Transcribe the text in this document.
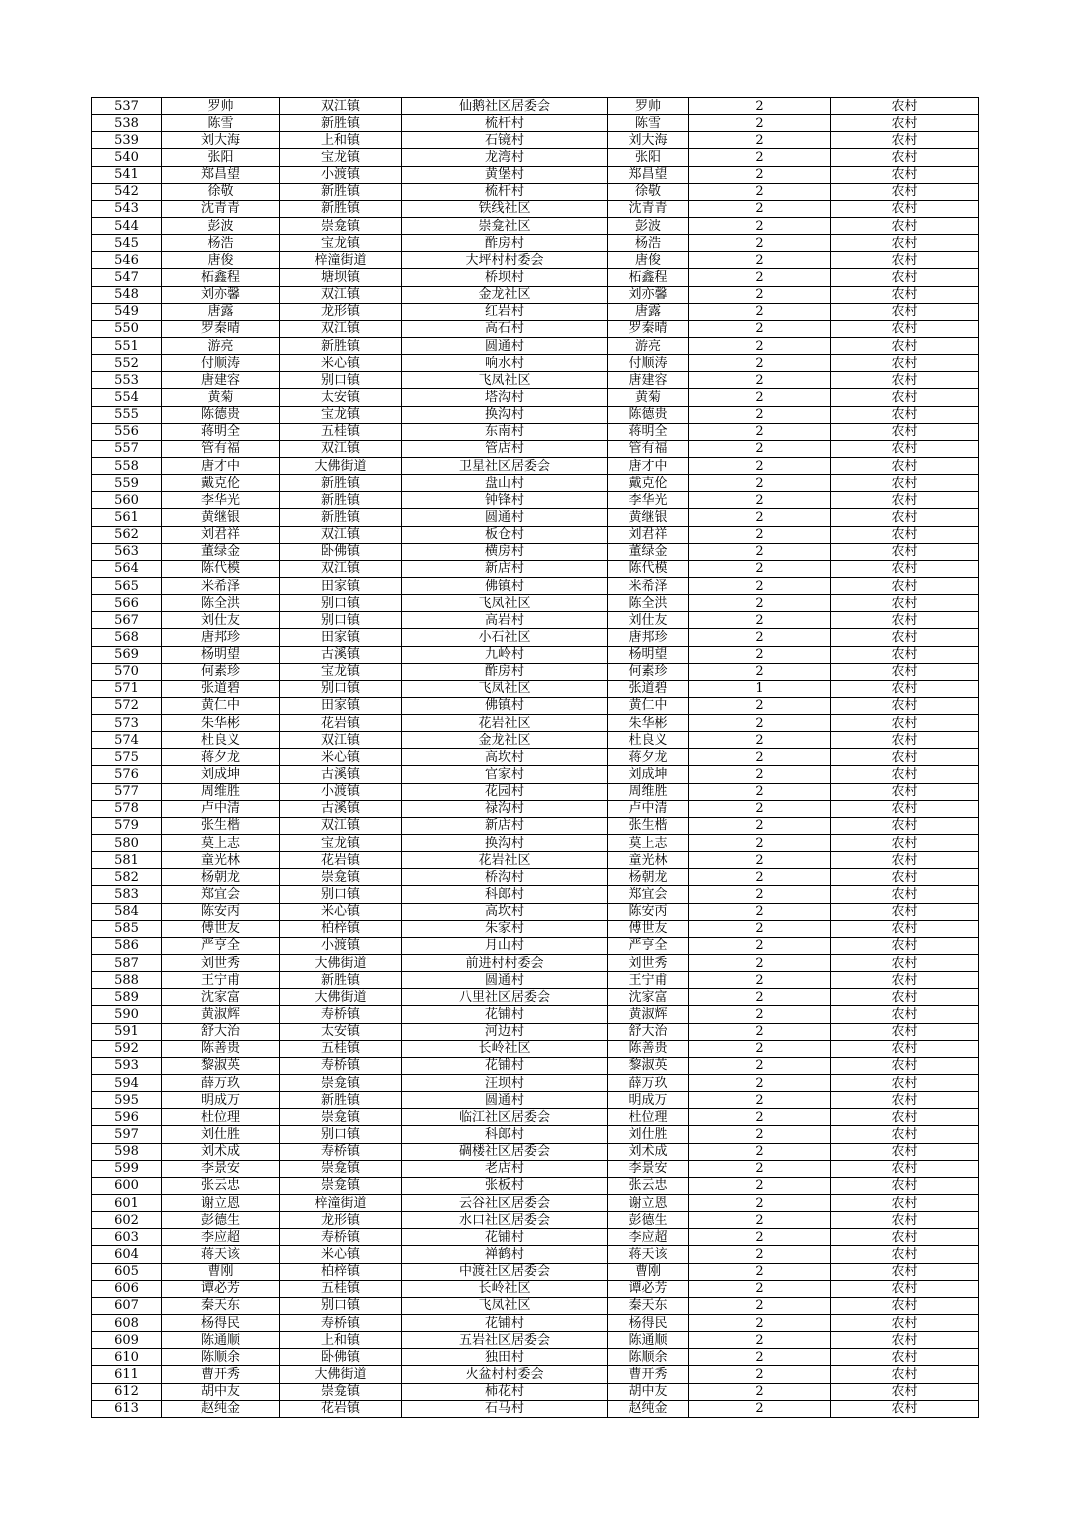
537	罗帅	双江镇	仙鹅社区居委会	罗帅	2	农村
538	陈雪	新胜镇	梳杆村	陈雪	2	农村
539	刘大海	上和镇	石镜村	刘大海	2	农村
540	张阳	宝龙镇	龙湾村	张阳	2	农村
541	郑昌望	小渡镇	黄堡村	郑昌望	2	农村
542	徐敬	新胜镇	梳杆村	徐敬	2	农村
543	沈青青	新胜镇	铁线社区	沈青青	2	农村
544	彭波	崇龛镇	崇龛社区	彭波	2	农村
545	杨浩	宝龙镇	酢房村	杨浩	2	农村
546	唐俊	梓潼街道	大坪村村委会	唐俊	2	农村
547	柘鑫程	塘坝镇	桥坝村	柘鑫程	2	农村
548	刘亦馨	双江镇	金龙社区	刘亦馨	2	农村
549	唐露	龙形镇	红岩村	唐露	2	农村
550	罗秦晴	双江镇	高石村	罗秦晴	2	农村
551	游亮	新胜镇	圆通村	游亮	2	农村
552	付顺涛	米心镇	响水村	付顺涛	2	农村
553	唐建容	别口镇	飞凤社区	唐建容	2	农村
554	黄菊	太安镇	塔沟村	黄菊	2	农村
555	陈德贵	宝龙镇	换沟村	陈德贵	2	农村
556	蒋明全	五桂镇	东南村	蒋明全	2	农村
557	管有福	双江镇	管店村	管有福	2	农村
558	唐才中	大佛街道	卫星社区居委会	唐才中	2	农村
559	戴克伦	新胜镇	盘山村	戴克伦	2	农村
560	李华光	新胜镇	钟锋村	李华光	2	农村
561	黄继银	新胜镇	圆通村	黄继银	2	农村
562	刘君祥	双江镇	板仓村	刘君祥	2	农村
563	董绿金	卧佛镇	横房村	董绿金	2	农村
564	陈代模	双江镇	新店村	陈代模	2	农村
565	米希泽	田家镇	佛镇村	米希泽	2	农村
566	陈全洪	别口镇	飞凤社区	陈全洪	2	农村
567	刘仕友	别口镇	高岩村	刘仕友	2	农村
568	唐邦珍	田家镇	小石社区	唐邦珍	2	农村
569	杨明望	古溪镇	九岭村	杨明望	2	农村
570	何素珍	宝龙镇	酢房村	何素珍	2	农村
571	张道碧	别口镇	飞凤社区	张道碧	1	农村
572	黄仁中	田家镇	佛镇村	黄仁中	2	农村
573	朱华彬	花岩镇	花岩社区	朱华彬	2	农村
574	杜良义	双江镇	金龙社区	杜良义	2	农村
575	蒋夕龙	米心镇	高坎村	蒋夕龙	2	农村
576	刘成坤	古溪镇	官家村	刘成坤	2	农村
577	周维胜	小渡镇	花园村	周维胜	2	农村
578	卢中清	古溪镇	禄沟村	卢中清	2	农村
579	张生楷	双江镇	新店村	张生楷	2	农村
580	莫上志	宝龙镇	换沟村	莫上志	2	农村
581	童光林	花岩镇	花岩社区	童光林	2	农村
582	杨朝龙	崇龛镇	桥沟村	杨朝龙	2	农村
583	郑宜会	别口镇	科郎村	郑宜会	2	农村
584	陈安丙	米心镇	高坎村	陈安丙	2	农村
585	傅世友	柏梓镇	朱家村	傅世友	2	农村
586	严亨全	小渡镇	月山村	严亨全	2	农村
587	刘世秀	大佛街道	前进村村委会	刘世秀	2	农村
588	王宁甫	新胜镇	圆通村	王宁甫	2	农村
589	沈家富	大佛街道	八里社区居委会	沈家富	2	农村
590	黄淑辉	寿桥镇	花铺村	黄淑辉	2	农村
591	舒大治	太安镇	河边村	舒大治	2	农村
592	陈善贵	五桂镇	长岭社区	陈善贵	2	农村
593	黎淑英	寿桥镇	花铺村	黎淑英	2	农村
594	薛万玖	崇龛镇	汪坝村	薛万玖	2	农村
595	明成万	新胜镇	圆通村	明成万	2	农村
596	杜位理	崇龛镇	临江社区居委会	杜位理	2	农村
597	刘仕胜	别口镇	科郎村	刘仕胜	2	农村
598	刘术成	寿桥镇	碉楼社区居委会	刘术成	2	农村
599	李景安	崇龛镇	老店村	李景安	2	农村
600	张云忠	崇龛镇	张板村	张云忠	2	农村
601	谢立恩	梓潼街道	云谷社区居委会	谢立恩	2	农村
602	彭德生	龙形镇	水口社区居委会	彭德生	2	农村
603	李应超	寿桥镇	花铺村	李应超	2	农村
604	蒋天该	米心镇	禅鹤村	蒋天该	2	农村
605	曹刚	柏梓镇	中渡社区居委会	曹刚	2	农村
606	谭必芳	五桂镇	长岭社区	谭必芳	2	农村
607	秦天东	别口镇	飞凤社区	秦天东	2	农村
608	杨得民	寿桥镇	花铺村	杨得民	2	农村
609	陈通顺	上和镇	五岩社区居委会	陈通顺	2	农村
610	陈顺余	卧佛镇	独田村	陈顺余	2	农村
611	曹开秀	大佛街道	火盆村村委会	曹开秀	2	农村
612	胡中友	崇龛镇	柿花村	胡中友	2	农村
613	赵纯金	花岩镇	石马村	赵纯金	2	农村
